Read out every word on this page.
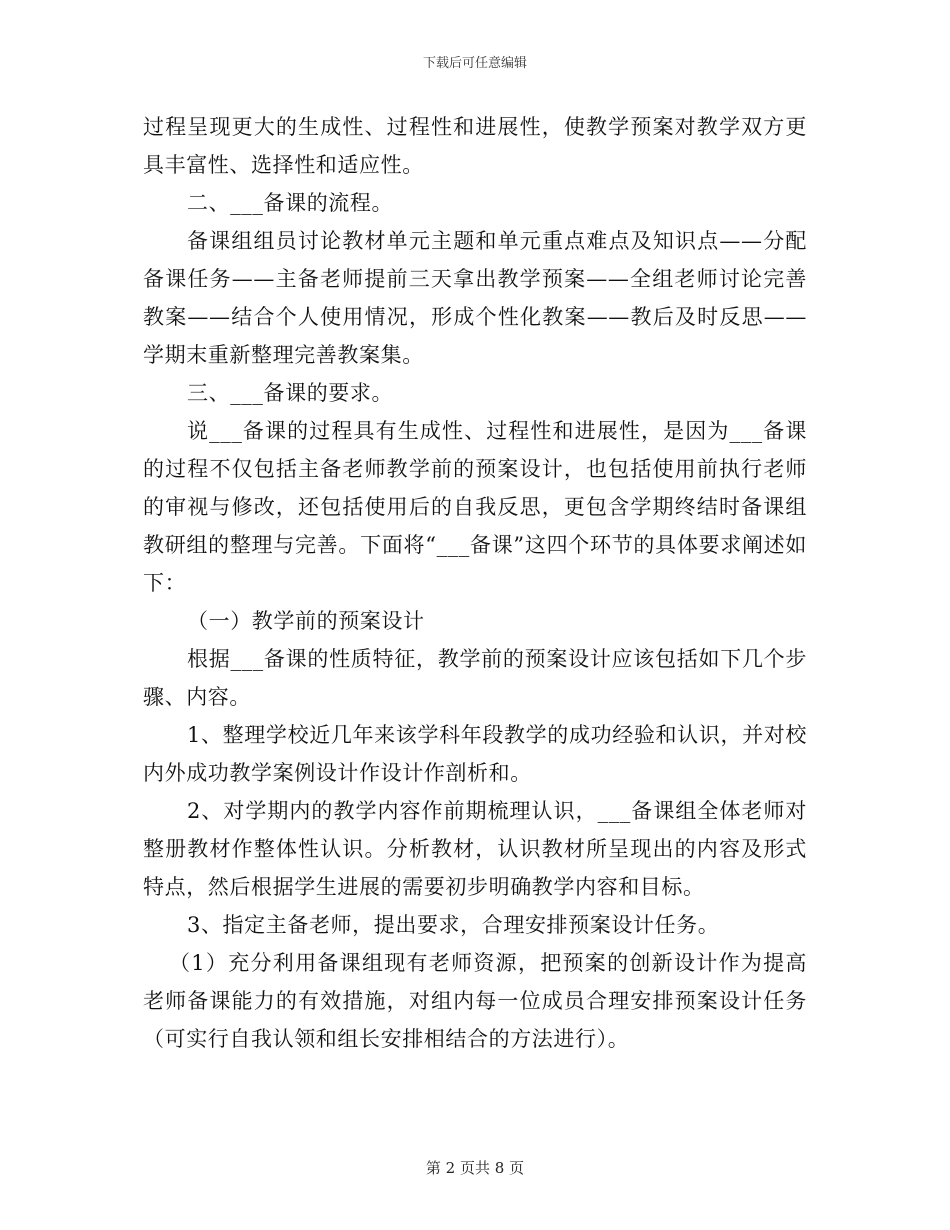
下载后可任意编辑

过程呈现更大的生成性、过程性和进展性，使教学预案对教学双方更具丰富性、选择性和适应性。

二、___备课的流程。

备课组组员讨论教材单元主题和单元重点难点及知识点——分配备课任务——主备老师提前三天拿出教学预案——全组老师讨论完善教案——结合个人使用情况，形成个性化教案——教后及时反思——学期末重新整理完善教案集。

三、___备课的要求。

说___备课的过程具有生成性、过程性和进展性，是因为___备课的过程不仅包括主备老师教学前的预案设计，也包括使用前执行老师的审视与修改，还包括使用后的自我反思，更包含学期终结时备课组教研组的整理与完善。下面将“___备课”这四个环节的具体要求阐述如下：

（一）教学前的预案设计

根据___备课的性质特征，教学前的预案设计应该包括如下几个步骤、内容。

1、整理学校近几年来该学科年段教学的成功经验和认识，并对校内外成功教学案例设计作设计作剖析和。

2、对学期内的教学内容作前期梳理认识，___备课组全体老师对整册教材作整体性认识。分析教材，认识教材所呈现出的内容及形式特点，然后根据学生进展的需要初步明确教学内容和目标。

3、指定主备老师，提出要求，合理安排预案设计任务。

（1）充分利用备课组现有老师资源，把预案的创新设计作为提高老师备课能力的有效措施，对组内每一位成员合理安排预案设计任务（可实行自我认领和组长安排相结合的方法进行）。

第 2 页共 8 页
